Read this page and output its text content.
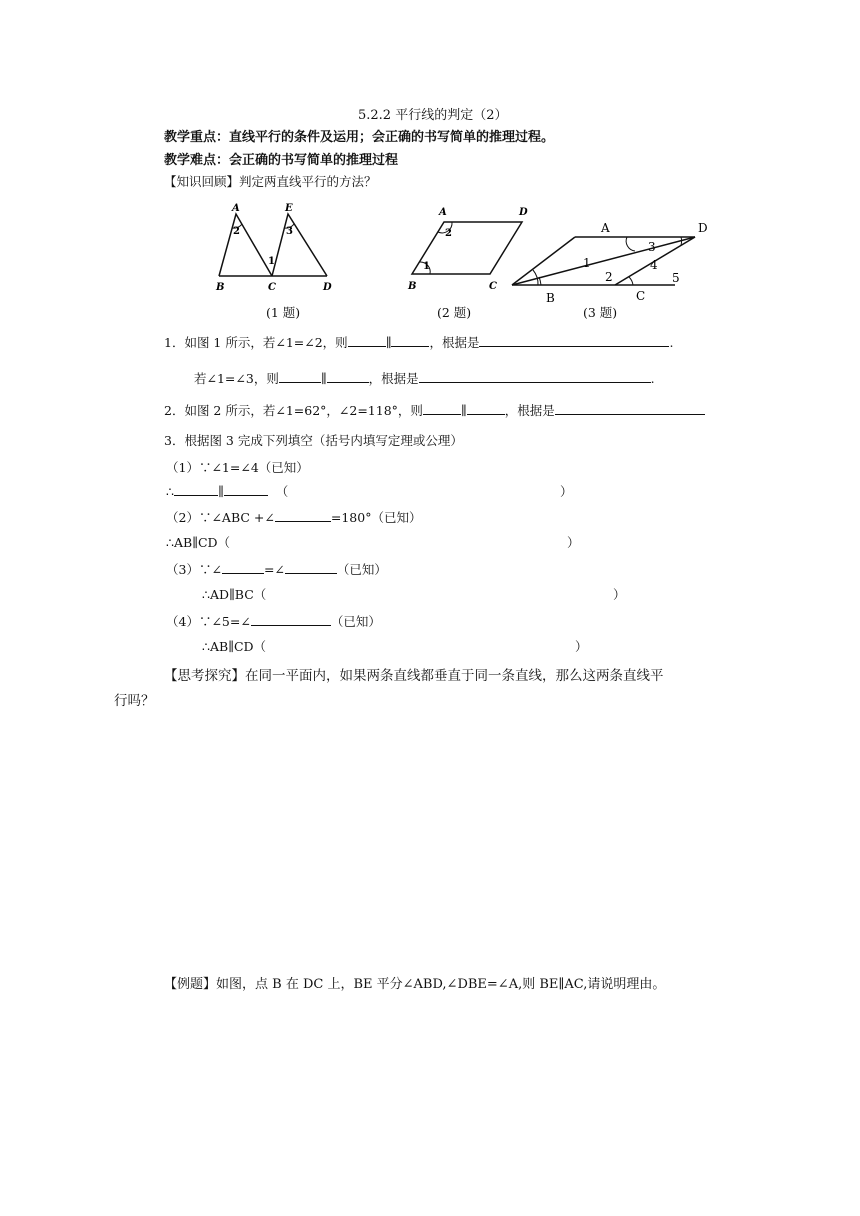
5.2.2 平行线的判定（2）
教学重点：直线平行的条件及运用；会正确的书写简单的推理过程。
教学难点：会正确的书写简单的推理过程
【知识回顾】判定两直线平行的方法？
A	E
2	3
1
B	C	D
(1 题)
A	D
2
1
B	C
(2 题)
A	D
3
4
1
2	5
B	C
(3 题)
1．如图 1 所示，若∠1=∠2，则	∥	，根据是	.
若∠1=∠3，则	∥	，根据是	.
2．如图 2 所示，若∠1=62°，∠2=118°，则	∥	，根据是
3．根据图 3 完成下列填空（括号内填写定理或公理）
（1）∵∠1=∠4（已知）
∴	∥	（	）
（2）∵∠ABC +∠	=180°（已知）
∴AB∥CD（	）
（3）∵∠	=∠	（已知）
∴AD∥BC（	）
（4）∵∠5=∠	（已知）
∴AB∥CD（	）
【思考探究】在同一平面内，如果两条直线都垂直于同一条直线，那么这两条直线平
行吗？
【例题】如图，点 B 在 DC 上，BE 平分∠ABD,∠DBE=∠A,则 BE∥AC,请说明理由。
